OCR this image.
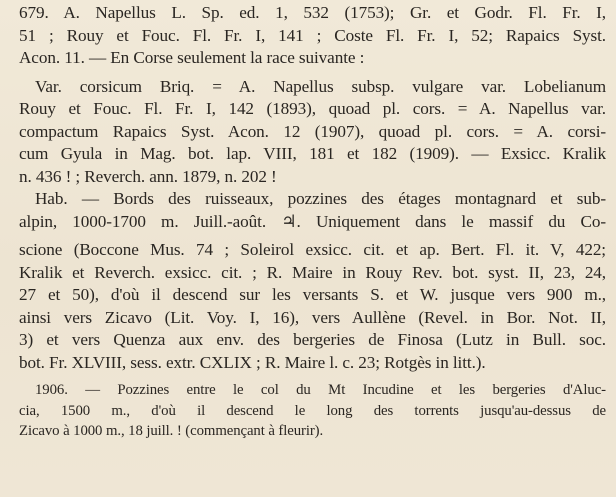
679. A. Napellus L. Sp. ed. 1, 532 (1753); Gr. et Godr. Fl. Fr. I,
51 ; Rouy et Fouc. Fl. Fr. I, 141 ; Coste Fl. Fr. I, 52; Rapaics Syst.
Acon. 11. — En Corse seulement la race suivante :
Var. corsicum Briq. = A. Napellus subsp. vulgare var. Lobelianum
Rouy et Fouc. Fl. Fr. I, 142 (1893), quoad pl. cors. = A. Napellus var.
compactum Rapaics Syst. Acon. 12 (1907), quoad pl. cors. = A. corsi-
cum Gyula in Mag. bot. lap. VIII, 181 et 182 (1909). — Exsicc. Kralik
n. 436 ! ; Reverch. ann. 1879, n. 202 !
Hab. — Bords des ruisseaux, pozzines des étages montagnard et sub-
alpin, 1000-1700 m. Juill.-août. ♃. Uniquement dans le massif du Co-
scione (Boccone Mus. 74 ; Soleirol exsicc. cit. et ap. Bert. Fl. it. V, 422;
Kralik et Reverch. exsicc. cit. ; R. Maire in Rouy Rev. bot. syst. II, 23, 24,
27 et 50), d'où il descend sur les versants S. et W. jusque vers 900 m.,
ainsi vers Zicavo (Lit. Voy. I, 16), vers Aullène (Revel. in Bor. Not. II,
3) et vers Quenza aux env. des bergeries de Finosa (Lutz in Bull. soc.
bot. Fr. XLVIII, sess. extr. CXLIX ; R. Maire l. c. 23; Rotgès in litt.).
1906. — Pozzines entre le col du Mt Incudine et les bergeries d'Aluc-
cia, 1500 m., d'où il descend le long des torrents jusqu'au-dessus de
Zicavo à 1000 m., 18 juill. ! (commençant à fleurir).
